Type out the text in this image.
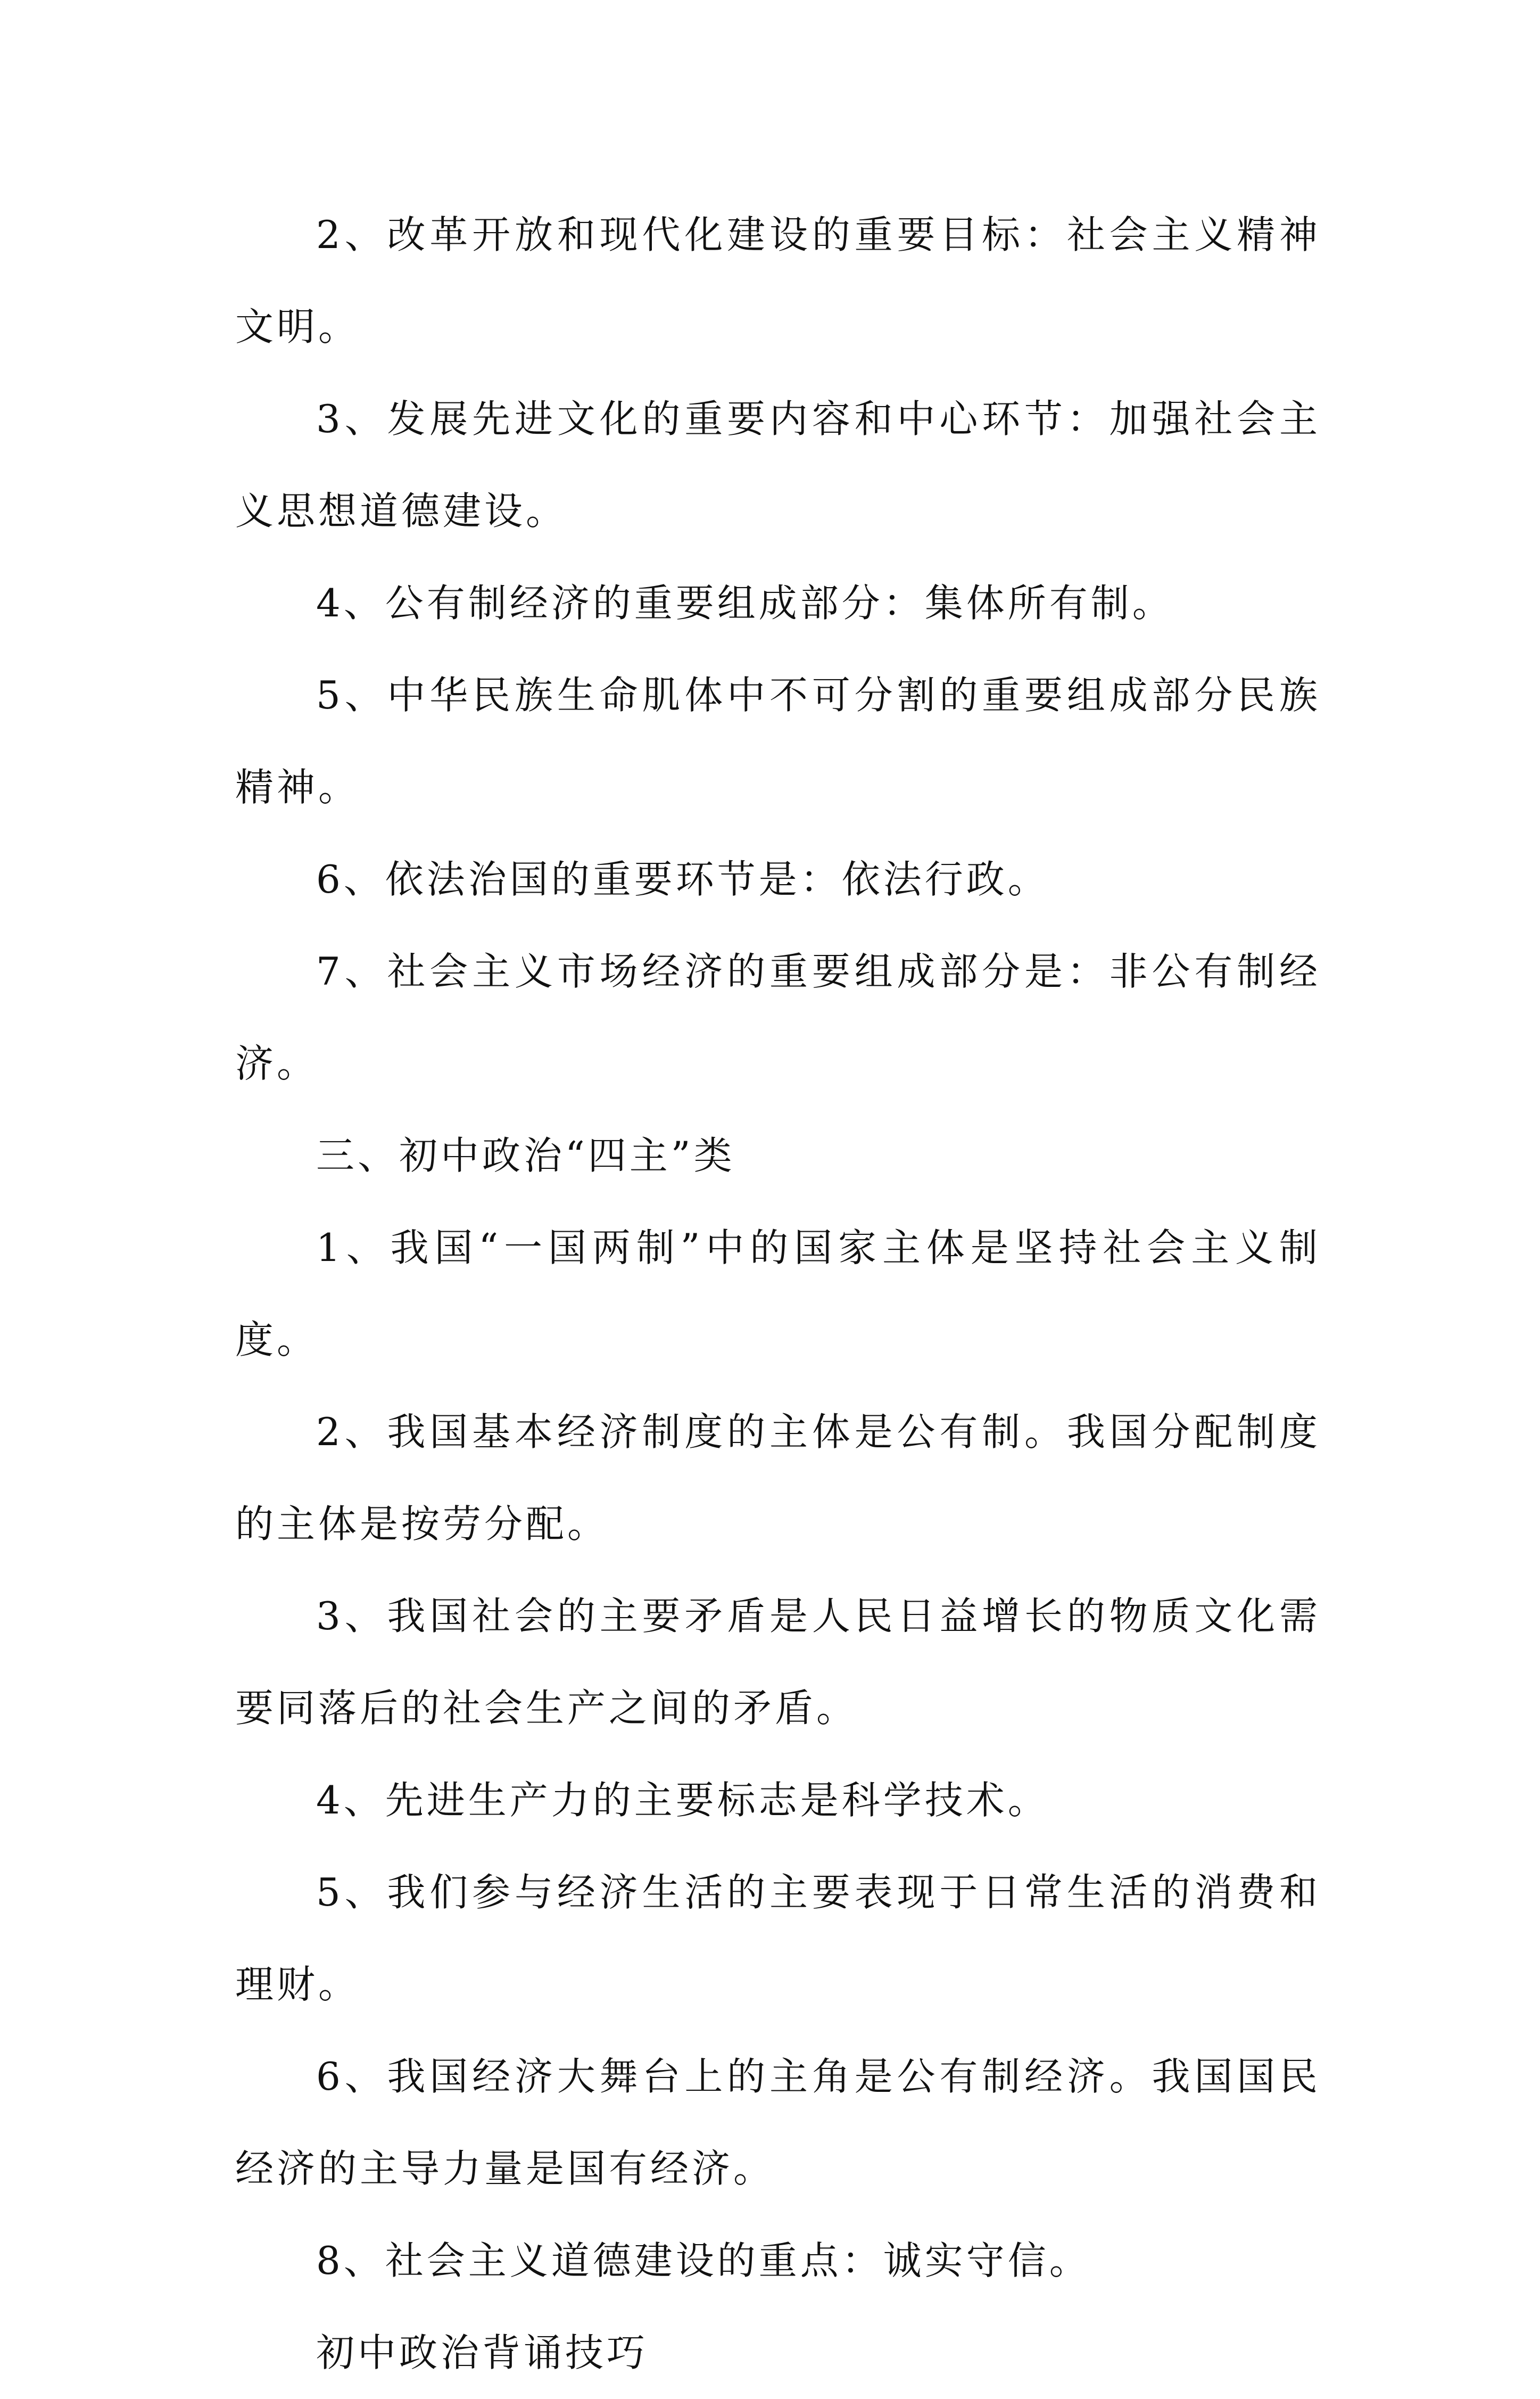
2、改革开放和现代化建设的重要目标：社会主义精神文明。

3、发展先进文化的重要内容和中心环节：加强社会主义思想道德建设。

4、公有制经济的重要组成部分：集体所有制。

5、中华民族生命肌体中不可分割的重要组成部分民族精神。

6、依法治国的重要环节是：依法行政。

7、社会主义市场经济的重要组成部分是：非公有制经济。

三、初中政治“四主”类

1、我国“一国两制”中的国家主体是坚持社会主义制度。

2、我国基本经济制度的主体是公有制。我国分配制度的主体是按劳分配。

3、我国社会的主要矛盾是人民日益增长的物质文化需要同落后的社会生产之间的矛盾。

4、先进生产力的主要标志是科学技术。

5、我们参与经济生活的主要表现于日常生活的消费和理财。

6、我国经济大舞台上的主角是公有制经济。我国国民经济的主导力量是国有经济。

8、社会主义道德建设的重点：诚实守信。

初中政治背诵技巧
